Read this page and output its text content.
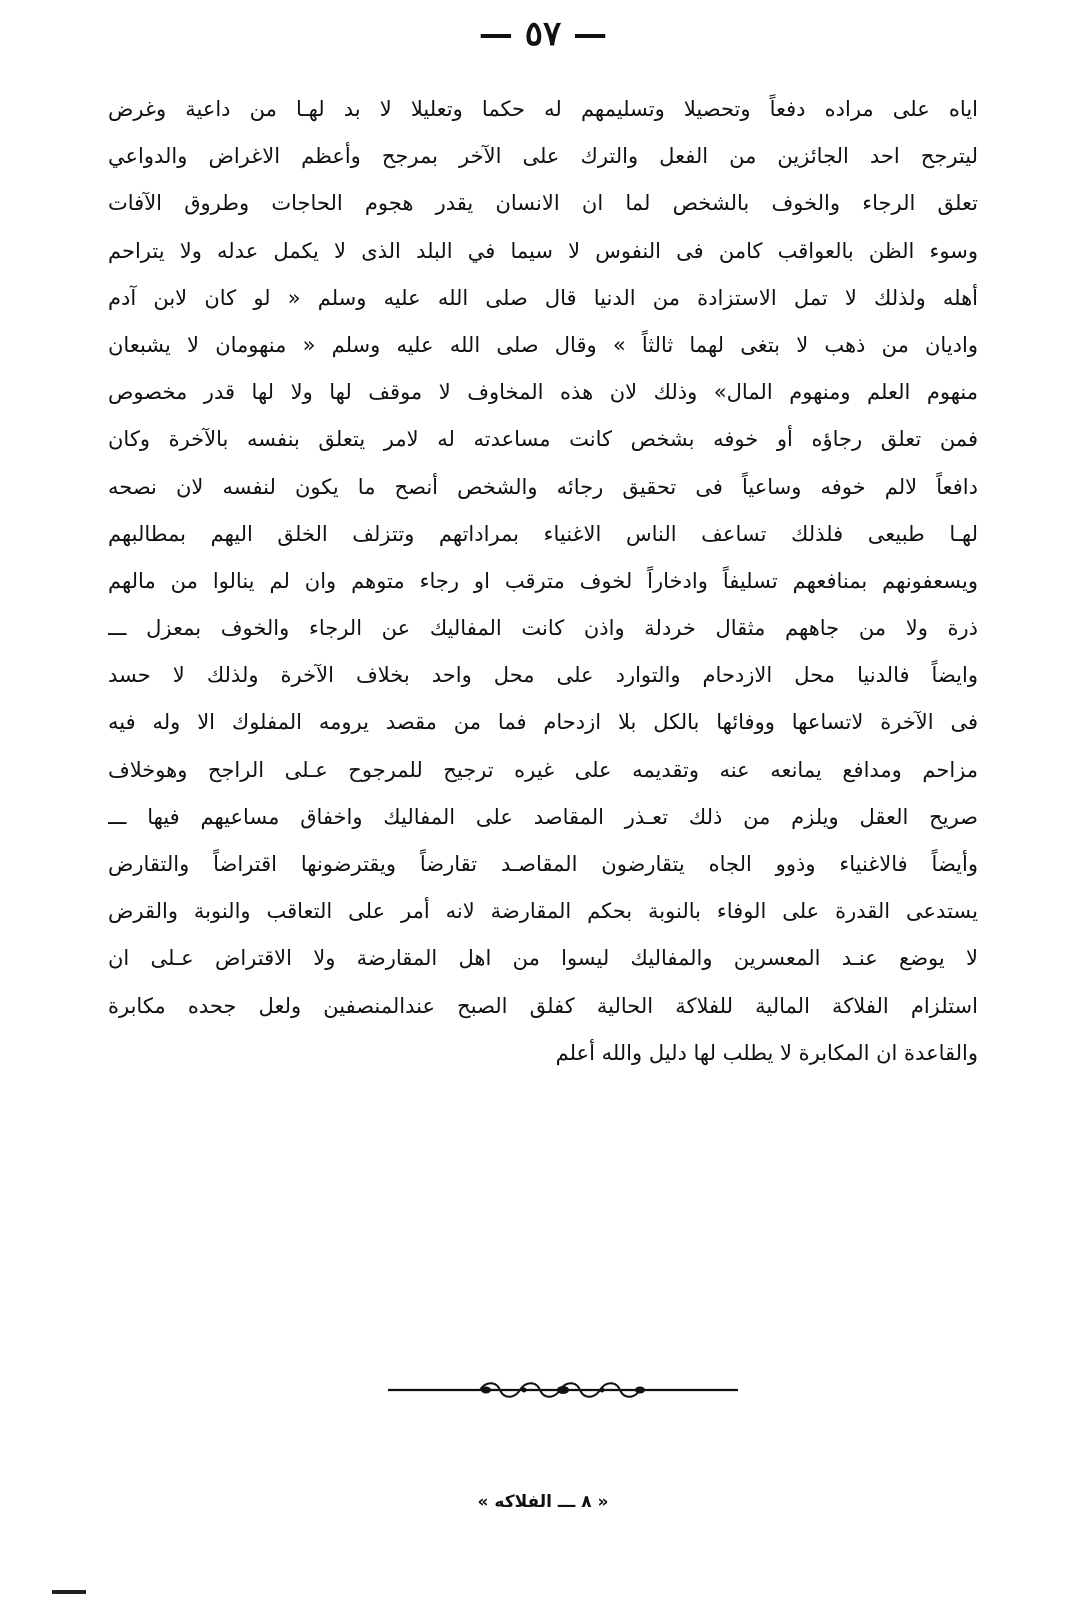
— ٥٧ —
اياه على مراده دفعاً وتحصيلا وتسليمهم له حكما وتعليلا لا بد لهـا من داعية وغرض
ليترجح احد الجائزين من الفعل والترك على الآخر بمرجح وأعظم الاغراض والدواعي
تعلق الرجاء والخوف بالشخص لما ان الانسان يقدر هجوم الحاجات وطروق الآفات
وسوء الظن بالعواقب كامن فى النفوس لا سيما في البلد الذى لا يكمل عدله ولا يتراحم
أهله ولذلك لا تمل الاستزادة من الدنيا قال صلى الله عليه وسلم « لو كان لابن آدم
واديان من ذهب لا بتغى لهما ثالثاً » وقال صلى الله عليه وسلم « منهومان لا يشبعان
منهوم العلم ومنهوم المال» وذلك لان هذه المخاوف لا موقف لها ولا لها قدر مخصوص
فمن تعلق رجاؤه أو خوفه بشخص كانت مساعدته له لامر يتعلق بنفسه بالآخرة وكان
دافعاً لالم خوفه وساعياً فى تحقيق رجائه والشخص أنصح ما يكون لنفسه لان نصحه
لهـا طبيعى فلذلك تساعف الناس الاغنياء بمراداتهم وتتزلف الخلق اليهم بمطالبهم
ويسعفونهم بمنافعهم تسليفاً وادخاراً لخوف مترقب او رجاء متوهم وان لم ينالوا من مالهم
ذرة ولا من جاههم مثقال خردلة واذن كانت المفاليك عن الرجاء والخوف بمعزل ـــ
وايضاً فالدنيا محل الازدحام والتوارد على محل واحد بخلاف الآخرة ولذلك لا حسد
فى الآخرة لاتساعها ووفائها بالكل بلا ازدحام فما من مقصد يرومه المفلوك الا وله فيه
مزاحم ومدافع يمانعه عنه وتقديمه على غيره ترجيح للمرجوح عـلى الراجح وهوخلاف
صريح العقل ويلزم من ذلك تعـذر المقاصد على المفاليك واخفاق مساعيهم فيها ـــ
وأيضاً فالاغنياء وذوو الجاه يتقارضون المقاصـد تقارضاً ويقترضونها اقتراضاً والتقارض
يستدعى القدرة على الوفاء بالنوبة بحكم المقارضة لانه أمر على التعاقب والنوبة والقرض
لا يوضع عنـد المعسرين والمفاليك ليسوا من اهل المقارضة ولا الاقتراض عـلى ان
استلزام الفلاكة المالية للفلاكة الحالية كفلق الصبح عندالمنصفين ولعل جحده مكابرة
والقاعدة ان المكابرة لا يطلب لها دليل والله أعلم
« ٨ ـــ الفلاكه »
